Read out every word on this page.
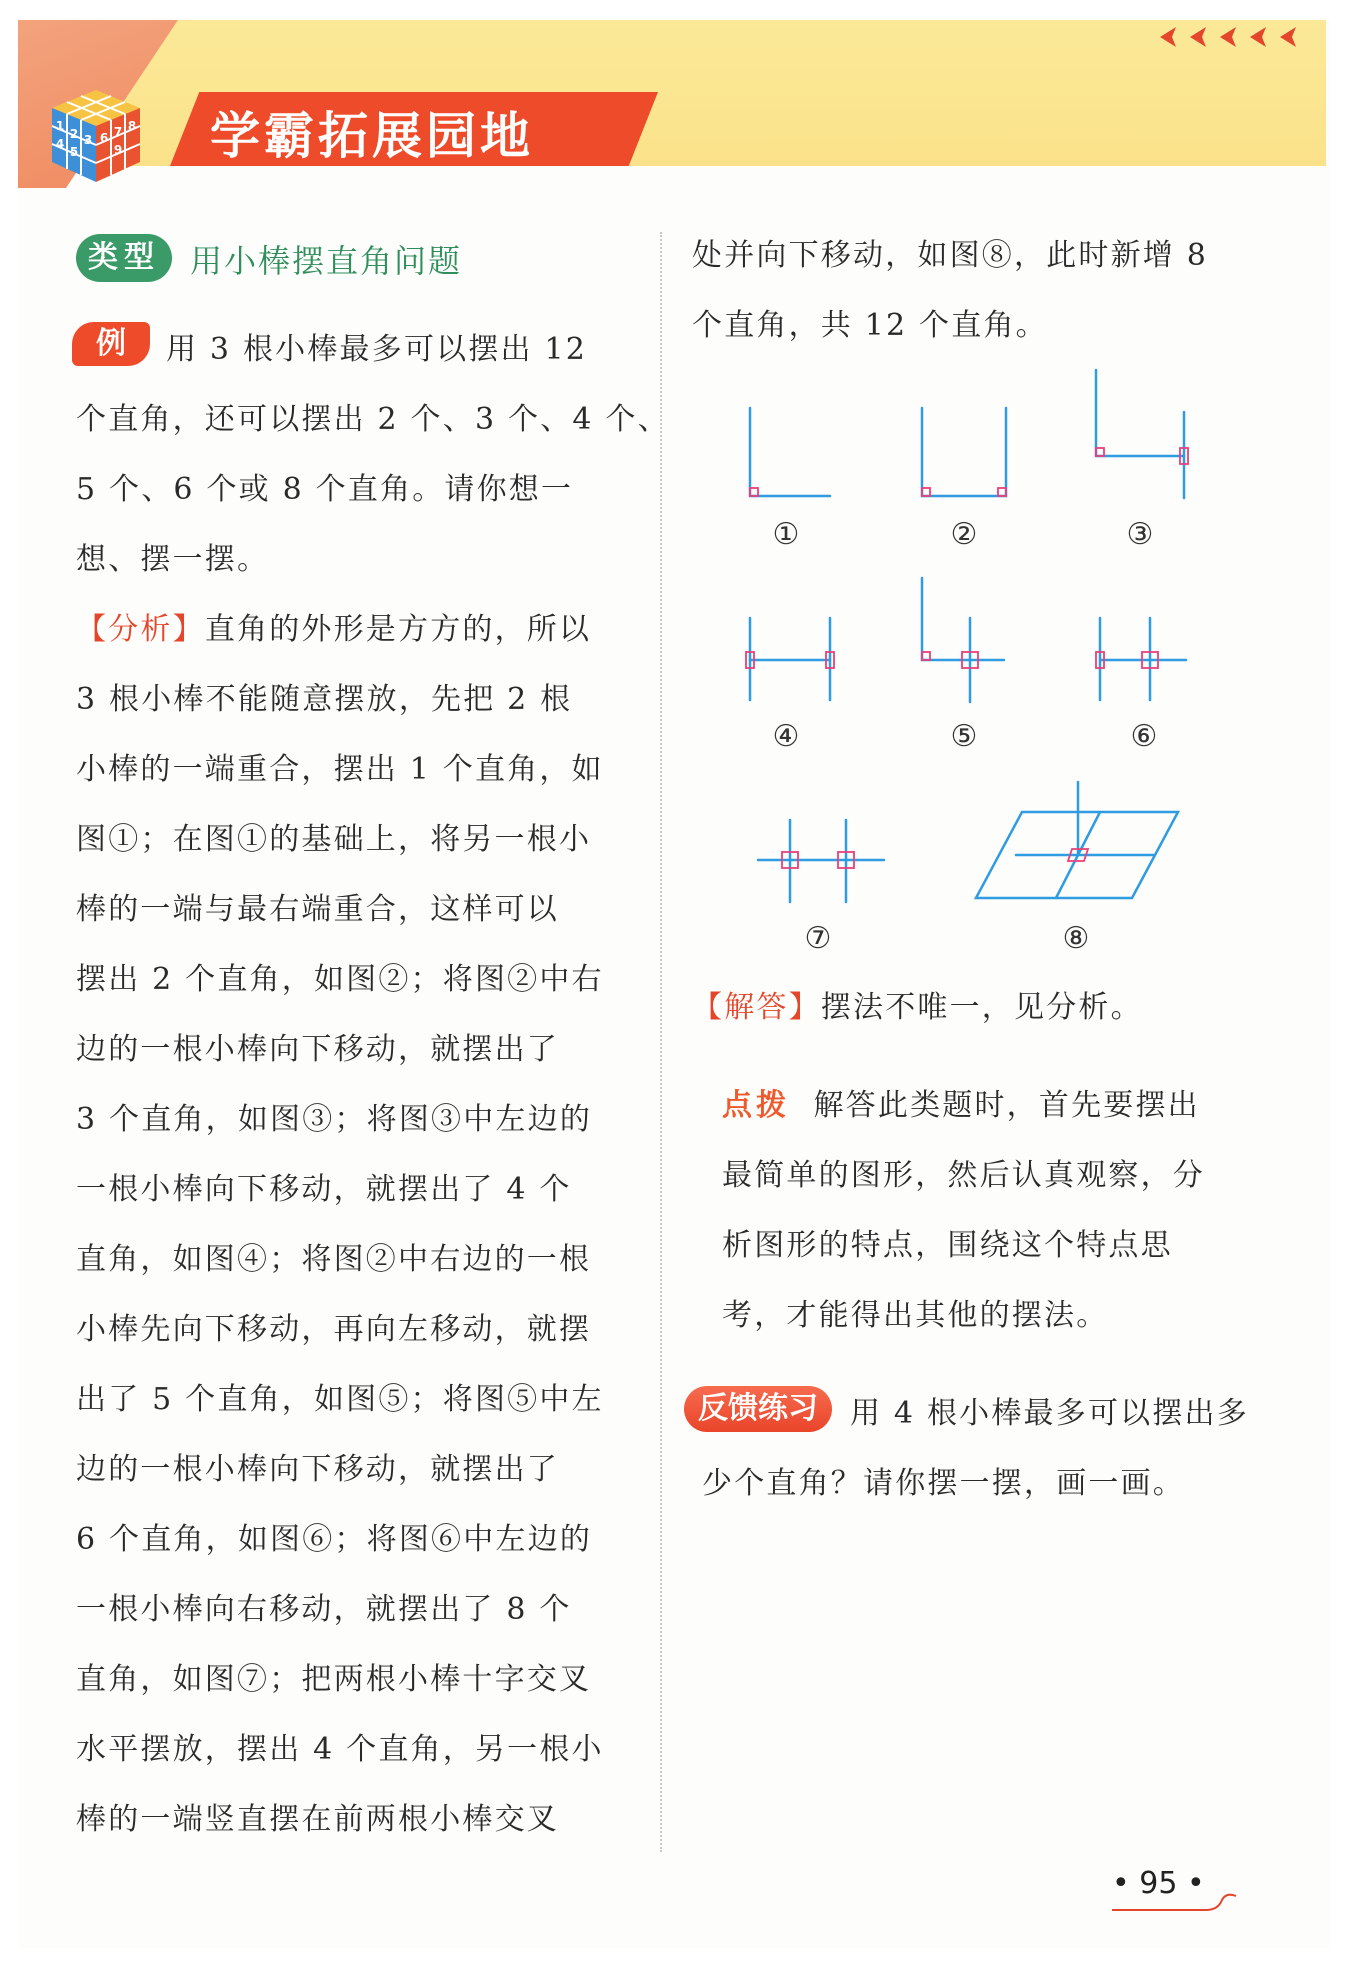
学霸拓展园地
1
2 3
4
5
6 7 8
9
类型 用小棒摆直角问题
例	用 3 根小棒最多可以摆出 12
个直角，还可以摆出 2 个、3 个、4 个、
5 个、6 个或 8 个直角。请你想一
想、摆一摆。
【分析】直角的外形是方方的，所以
3 根小棒不能随意摆放，先把 2 根
小棒的一端重合，摆出 1 个直角，如
图①；在图①的基础上，将另一根小
棒的一端与最右端重合，这样可以
摆出 2 个直角，如图②；将图②中右
边的一根小棒向下移动，就摆出了
3 个直角，如图③；将图③中左边的
一根小棒向下移动，就摆出了 4 个
直角，如图④；将图②中右边的一根
小棒先向下移动，再向左移动，就摆
出了 5 个直角，如图⑤；将图⑤中左
边的一根小棒向下移动，就摆出了
6 个直角，如图⑥；将图⑥中左边的
一根小棒向右移动，就摆出了 8 个
直角，如图⑦；把两根小棒十字交叉
水平摆放，摆出 4 个直角，另一根小
棒的一端竖直摆在前两根小棒交叉
处并向下移动，如图⑧，此时新增 8
个直角，共 12 个直角。
①	②	③
④	⑤	⑥
⑦	⑧
【解答】摆法不唯一，见分析。
点拨 解答此类题时，首先要摆出
最简单的图形，然后认真观察，分
析图形的特点，围绕这个特点思
考，才能得出其他的摆法。
反馈练习	用 4 根小棒最多可以摆出多
少个直角？请你摆一摆，画一画。
• 95 •
